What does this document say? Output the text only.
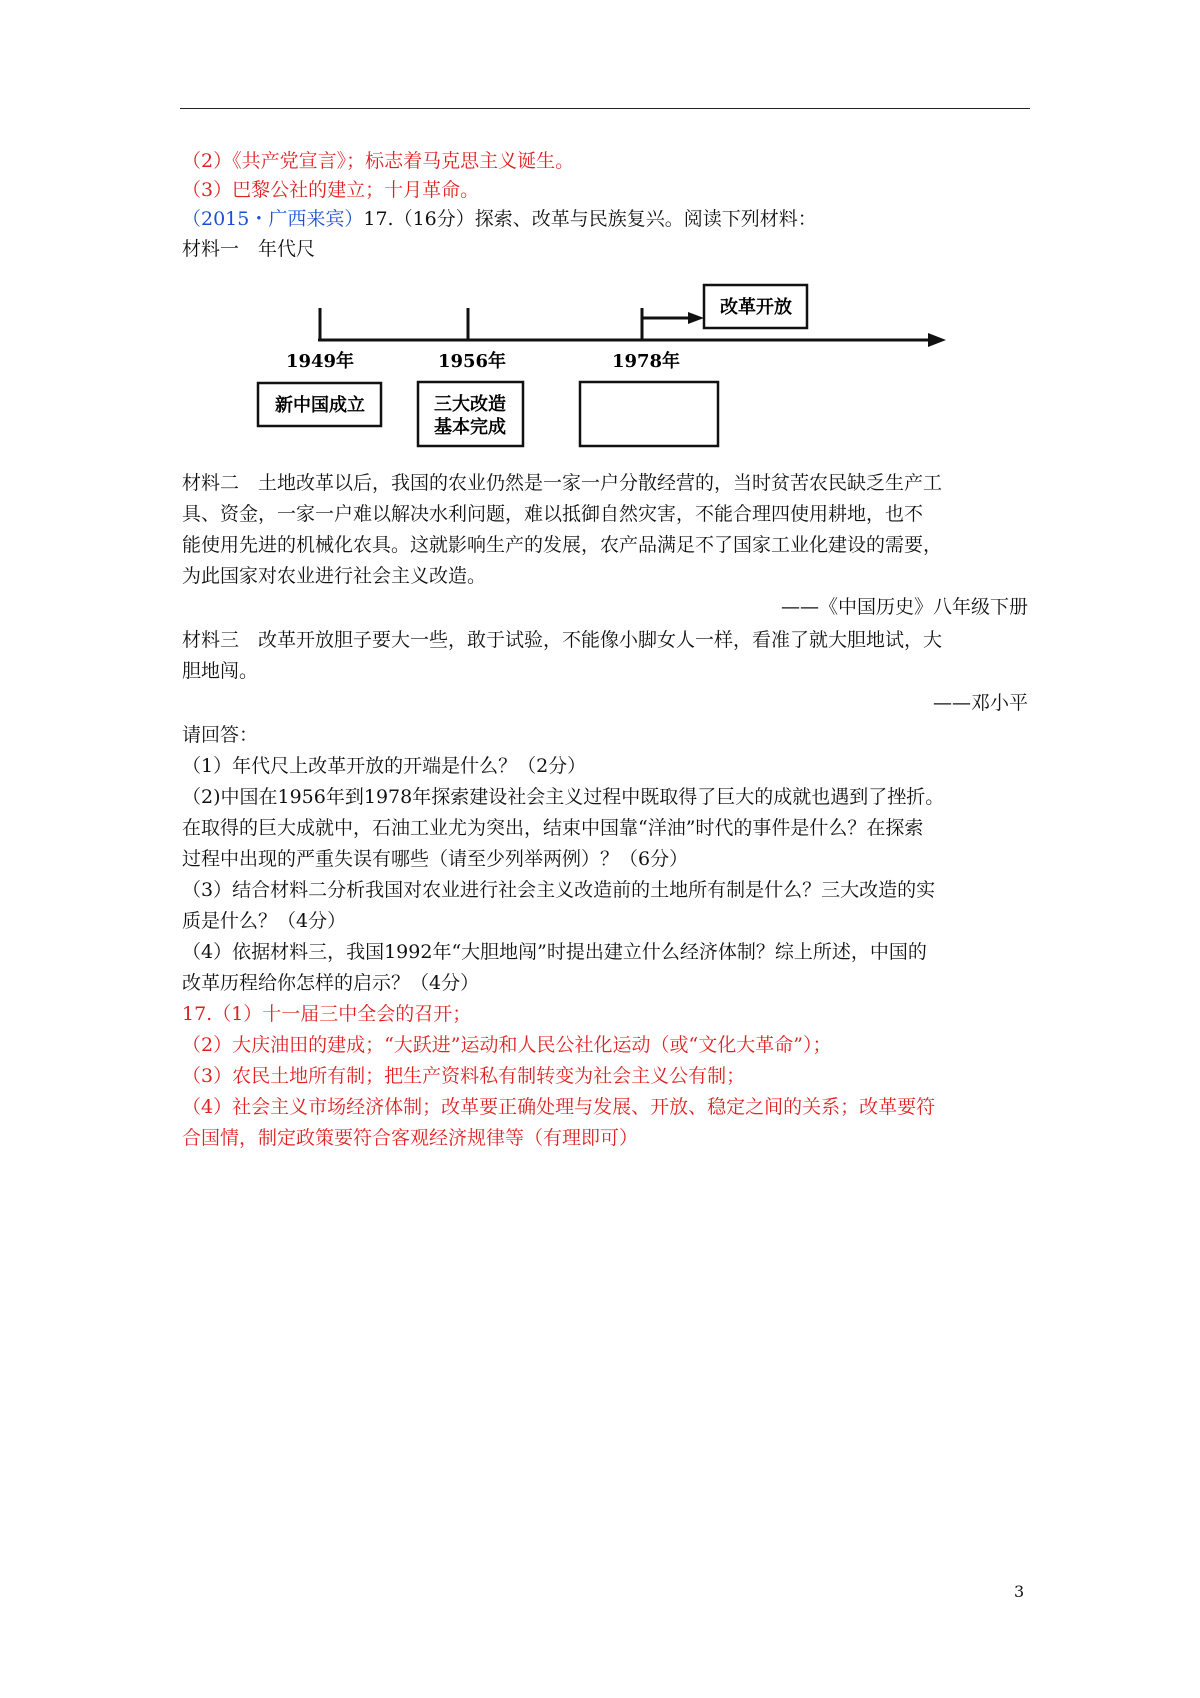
（2）《共产党宣言》；标志着马克思主义诞生。
（3）巴黎公社的建立；十月革命。
（2015・广西来宾）17.（16分）探索、改革与民族复兴。阅读下列材料：
材料一　年代尺
改革开放
1949年	1956年	1978年
新中国成立	三大改造
基本完成
材料二　土地改革以后，我国的农业仍然是一家一户分散经营的，当时贫苦农民缺乏生产工
具、资金，一家一户难以解决水利问题，难以抵御自然灾害，不能合理四使用耕地，也不
能使用先进的机械化农具。这就影响生产的发展，农产品满足不了国家工业化建设的需要，
为此国家对农业进行社会主义改造。
——《中国历史》八年级下册
材料三　改革开放胆子要大一些，敢于试验，不能像小脚女人一样，看准了就大胆地试，大
胆地闯。
——邓小平
请回答：
（1）年代尺上改革开放的开端是什么？（2分）
（2)中国在1956年到1978年探索建设社会主义过程中既取得了巨大的成就也遇到了挫折。
在取得的巨大成就中，石油工业尤为突出，结束中国靠“洋油”时代的事件是什么？在探索
过程中出现的严重失误有哪些（请至少列举两例）？（6分）
（3）结合材料二分析我国对农业进行社会主义改造前的土地所有制是什么？三大改造的实
质是什么？（4分）
（4）依据材料三，我国1992年“大胆地闯”时提出建立什么经济体制？综上所述，中国的
改革历程给你怎样的启示？（4分）
17.（1）十一届三中全会的召开；
（2）大庆油田的建成；“大跃进”运动和人民公社化运动（或“文化大革命”）；
（3）农民土地所有制；把生产资料私有制转变为社会主义公有制；
（4）社会主义市场经济体制；改革要正确处理与发展、开放、稳定之间的关系；改革要符
合国情，制定政策要符合客观经济规律等（有理即可）
3
